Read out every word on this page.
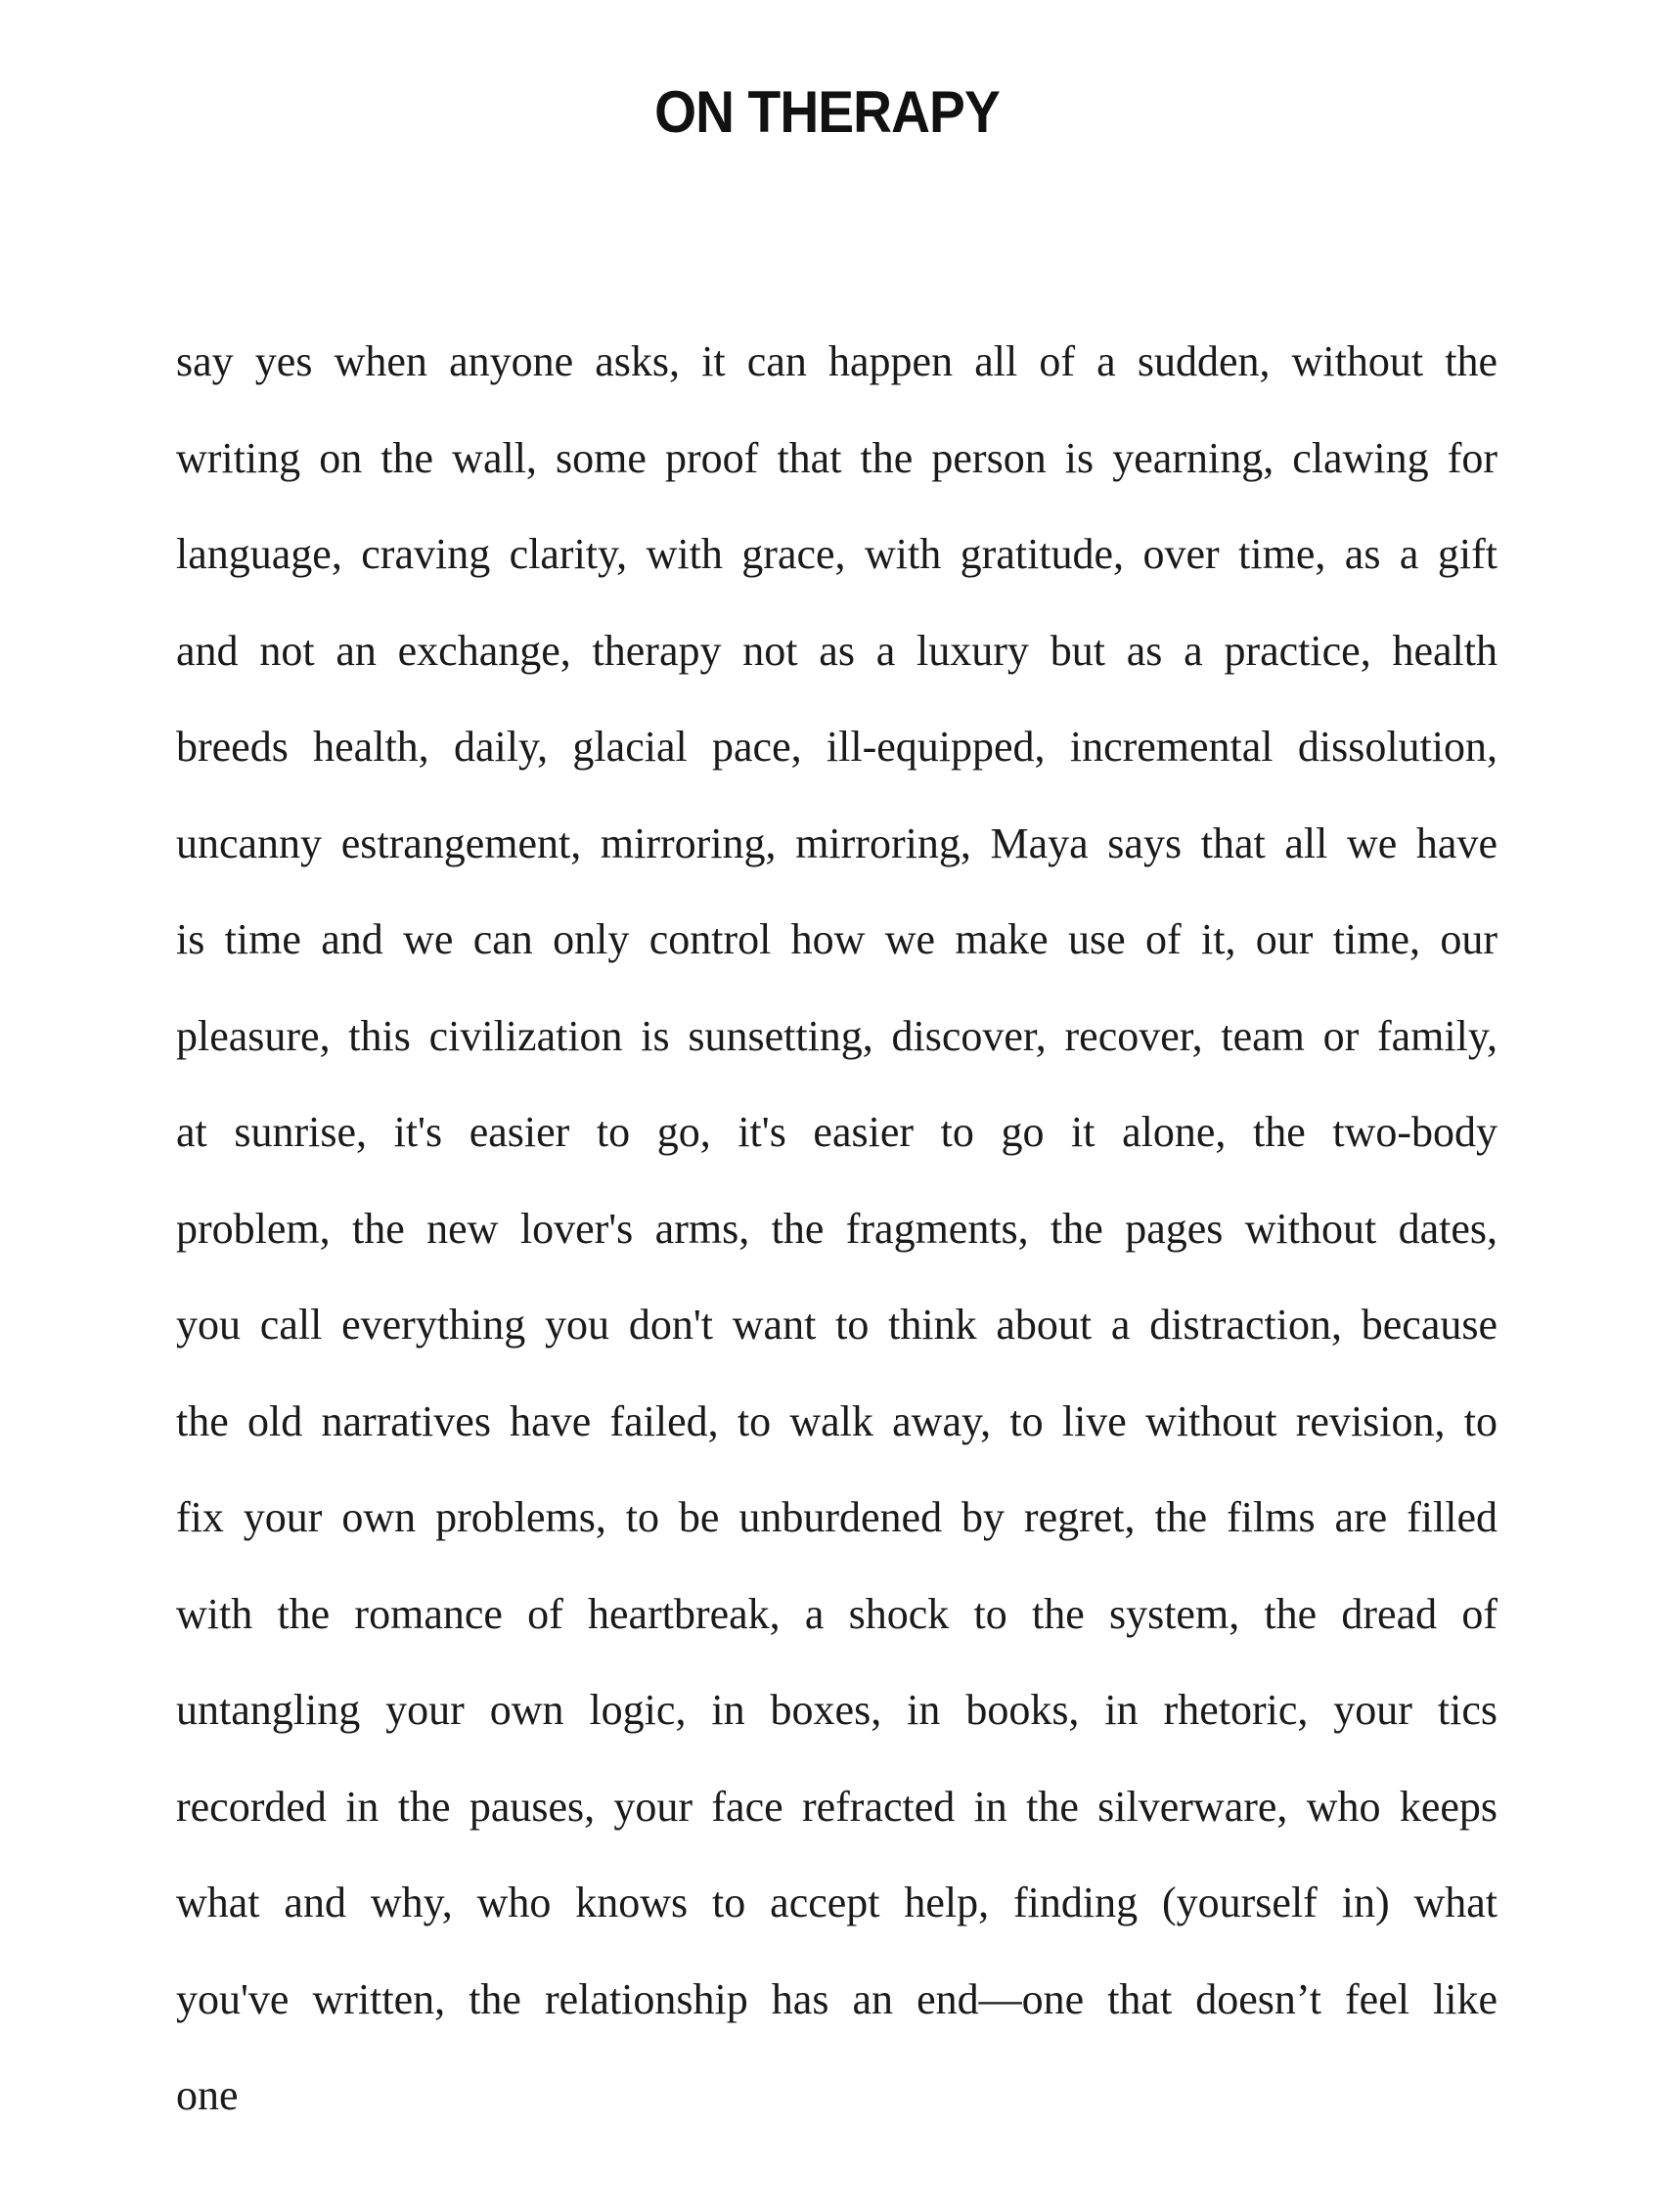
ON THERAPY
say yes when anyone asks, it can happen all of a sudden, without the
writing on the wall, some proof that the person is yearning, clawing for
language, craving clarity, with grace, with gratitude, over time, as a gift
and not an exchange, therapy not as a luxury but as a practice, health
breeds health, daily, glacial pace, ill-equipped, incremental dissolution,
uncanny estrangement, mirroring, mirroring, Maya says that all we have
is time and we can only control how we make use of it, our time, our
pleasure, this civilization is sunsetting, discover, recover, team or family,
at sunrise, it's easier to go, it's easier to go it alone, the two-body
problem, the new lover's arms, the fragments, the pages without dates,
you call everything you don't want to think about a distraction, because
the old narratives have failed, to walk away, to live without revision, to
fix your own problems, to be unburdened by regret, the films are filled
with the romance of heartbreak, a shock to the system, the dread of
untangling your own logic, in boxes, in books, in rhetoric, your tics
recorded in the pauses, your face refracted in the silverware, who keeps
what and why, who knows to accept help, finding (yourself in) what
you've written, the relationship has an end—one that doesn’t feel like
one
